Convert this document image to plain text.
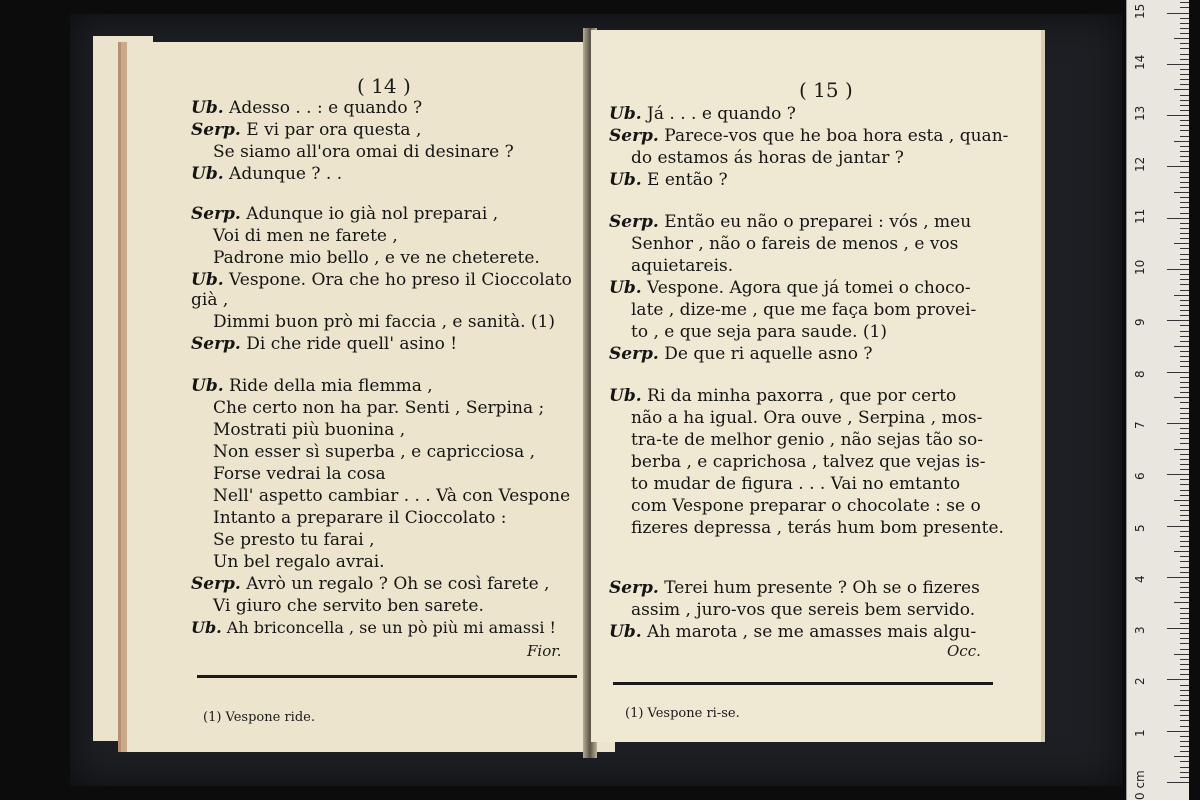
( 14 )
Ub. Adesso . . : e quando ?
Serp. E vi par ora questa ,
Se siamo all'ora omai di desinare ?
Ub. Adunque ? . .
Serp. Adunque io già nol preparai ,
Voi di men ne farete ,
Padrone mio bello , e ve ne cheterete.
Ub. Vespone. Ora che ho preso il Cioccolato già ,
Dimmi buon prò mi faccia , e sanità. (1)
Serp. Di che ride quell' asino !
Ub. Ride della mia flemma ,
Che certo non ha par. Senti , Serpina ;
Mostrati più buonina ,
Non esser sì superba , e capricciosa ,
Forse vedrai la cosa
Nell' aspetto cambiar . . . Và con Vespone
Intanto a preparare il Cioccolato :
Se presto tu farai ,
Un bel regalo avrai.
Serp. Avrò un regalo ? Oh se così farete ,
Vi giuro che servito ben sarete.
Ub. Ah briconcella , se un pò più mi amassi !
Fior.
(1) Vespone ride.
( 15 )
Ub. Já . . . e quando ?
Serp. Parece-vos que he boa hora esta , quan-
do estamos ás horas de jantar ?
Ub. E então ?
Serp. Então eu não o preparei : vós , meu
Senhor , não o fareis de menos , e vos
aquietareis.
Ub. Vespone. Agora que já tomei o choco-
late , dize-me , que me faça bom provei-
to , e que seja para saude. (1)
Serp. De que ri aquelle asno ?
Ub. Ri da minha paxorra , que por certo
não a ha igual. Ora ouve , Serpina , mos-
tra-te de melhor genio , não sejas tão so-
berba , e caprichosa , talvez que vejas is-
to mudar de figura . . . Vai no emtanto
com Vespone preparar o chocolate : se o
fizeres depressa , terás hum bom presente.
Serp. Terei hum presente ? Oh se o fizeres
assim , juro-vos que sereis bem servido.
Ub. Ah marota , se me amasses mais algu-
Occ.
(1) Vespone ri-se.
0 cm
1
2
3
4
5
6
7
8
9
10
11
12
13
14
15
